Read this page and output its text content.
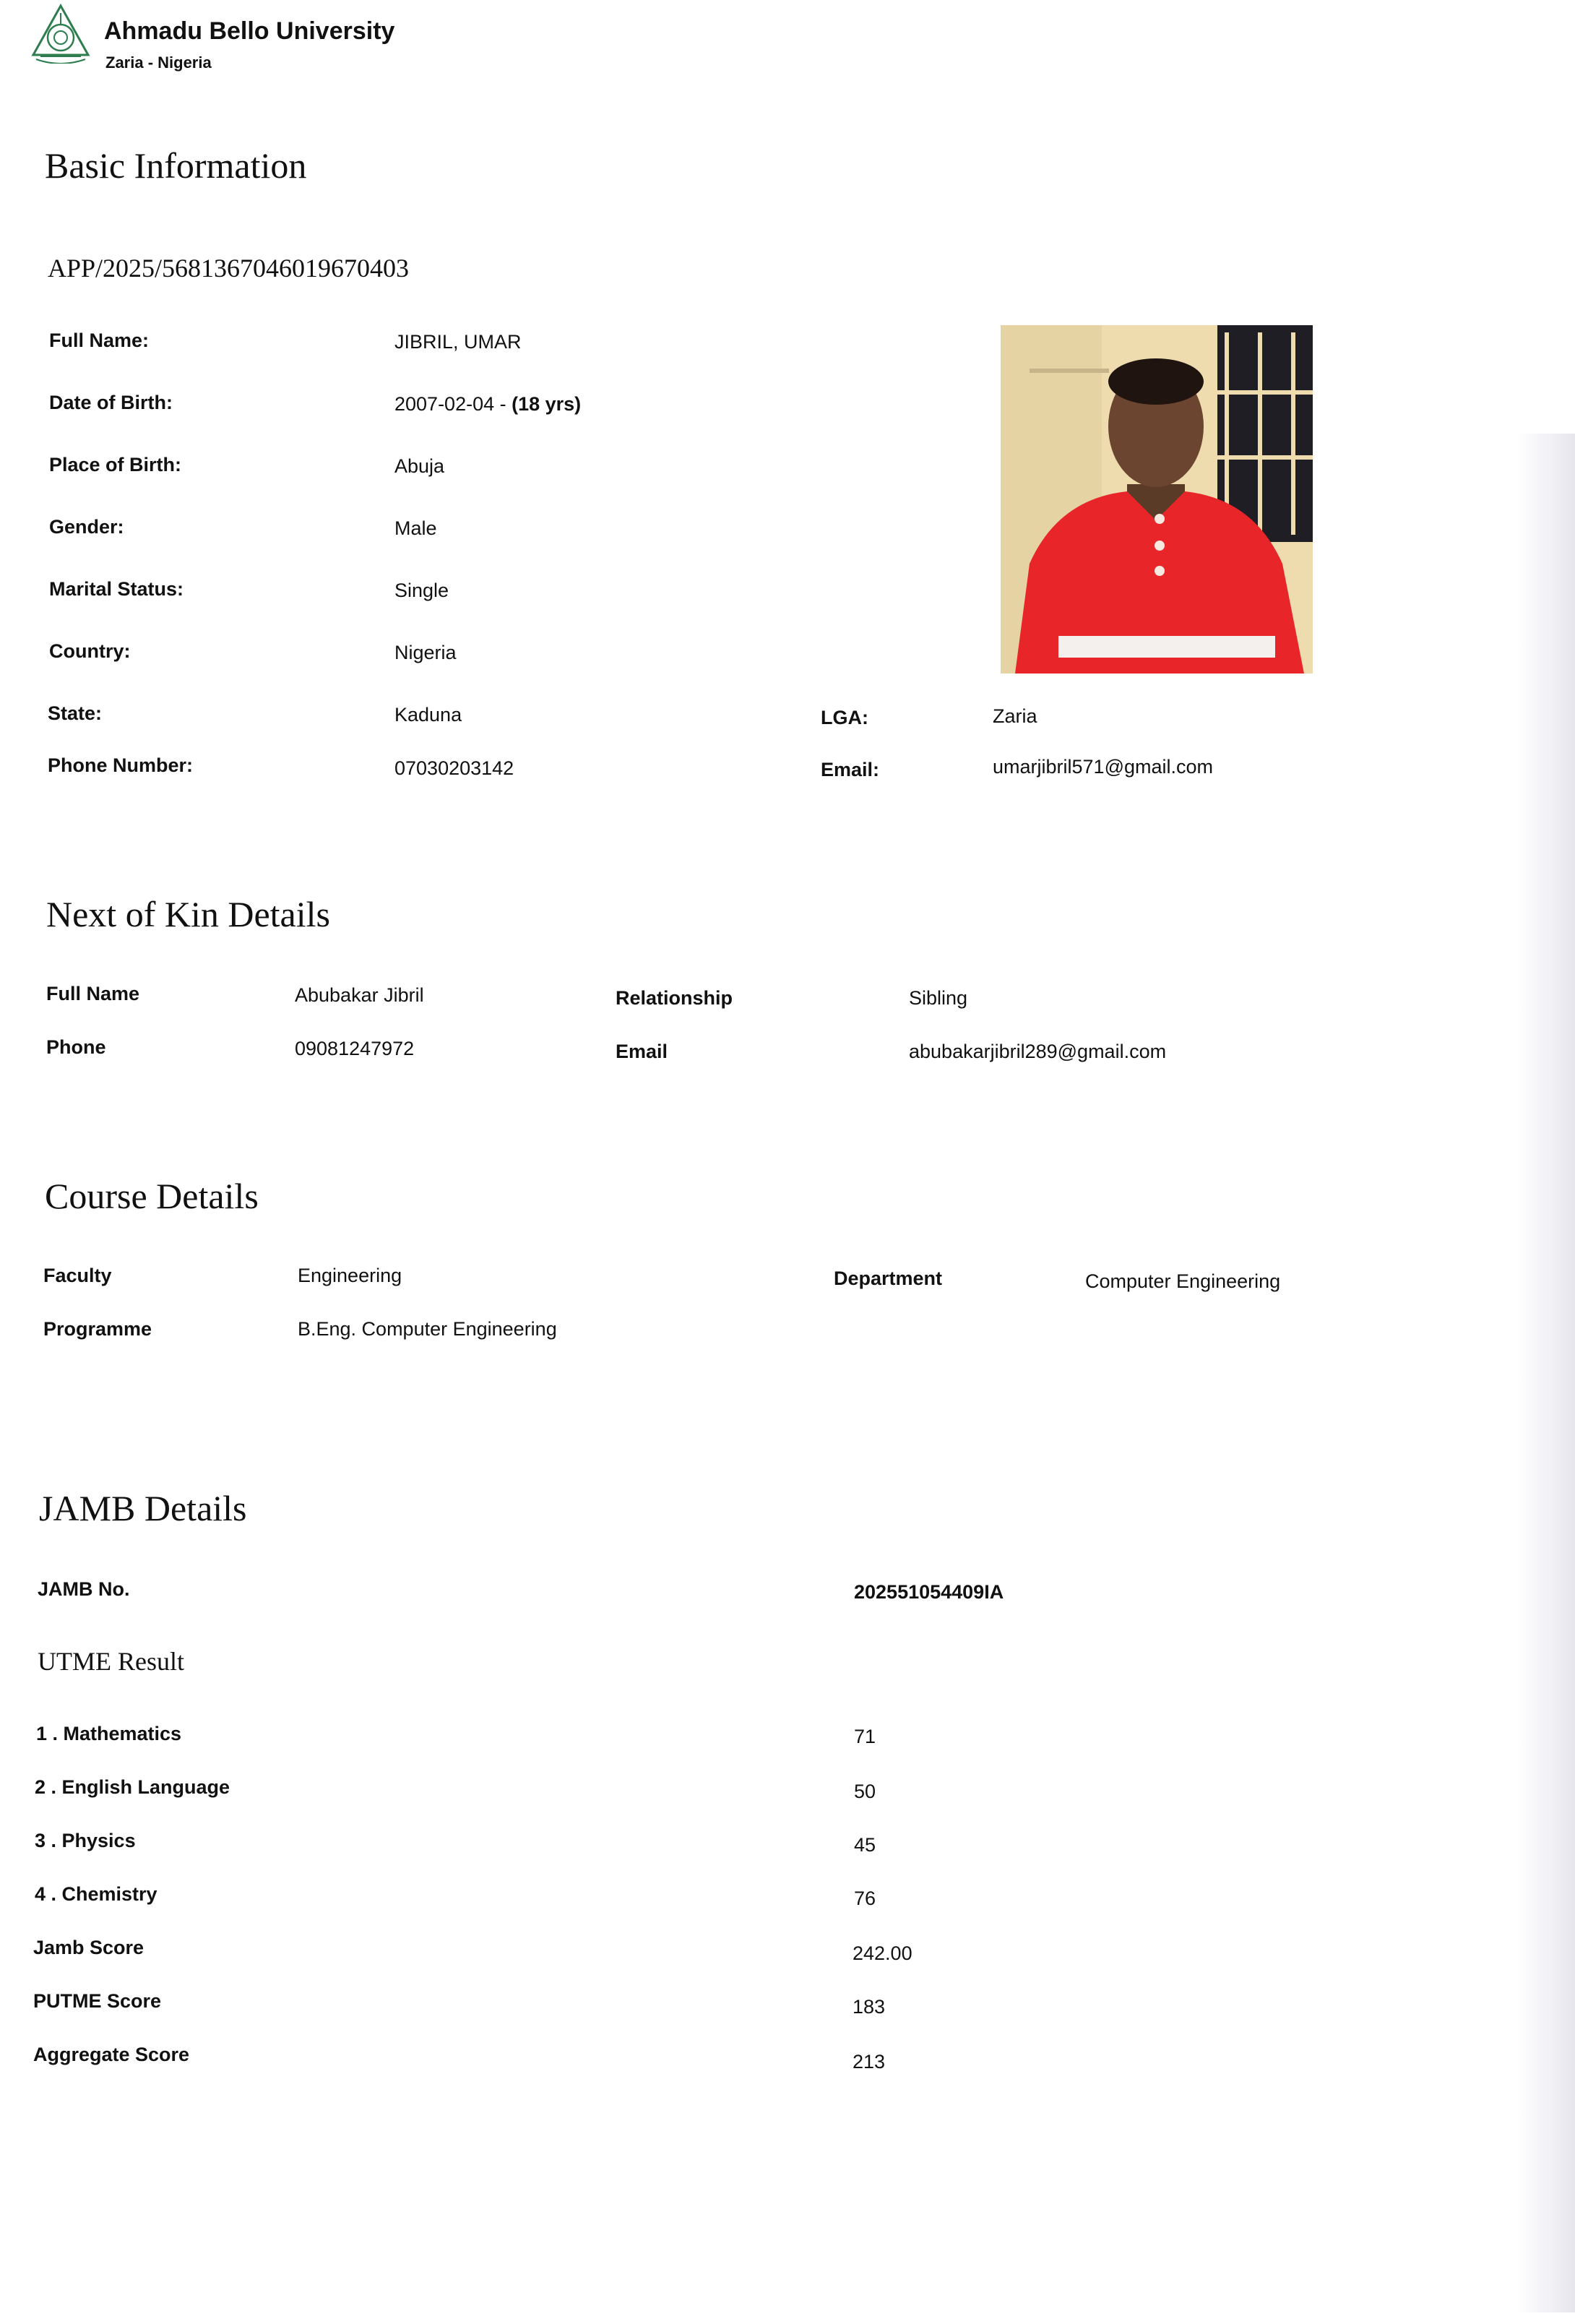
Ahmadu Bello University
Zaria - Nigeria
Basic Information
APP/2025/5681367046019670403
Full Name:	JIBRIL, UMAR
Date of Birth:	2007-02-04 - (18 yrs)
Place of Birth:	Abuja
Gender:	Male
Marital Status:	Single
Country:	Nigeria
State:	Kaduna	LGA:	Zaria
Phone Number:	07030203142	Email:	umarjibril571@gmail.com
Next of Kin Details
Full Name	Abubakar Jibril	Relationship	Sibling
Phone	09081247972	Email	abubakarjibril289@gmail.com
Course Details
Faculty	Engineering	Department	Computer Engineering
Programme	B.Eng. Computer Engineering
JAMB Details
JAMB No.	202551054409IA
UTME Result
1 . Mathematics	71
2 . English Language	50
3 . Physics	45
4 . Chemistry	76
Jamb Score	242.00
PUTME Score	183
Aggregate Score	213
